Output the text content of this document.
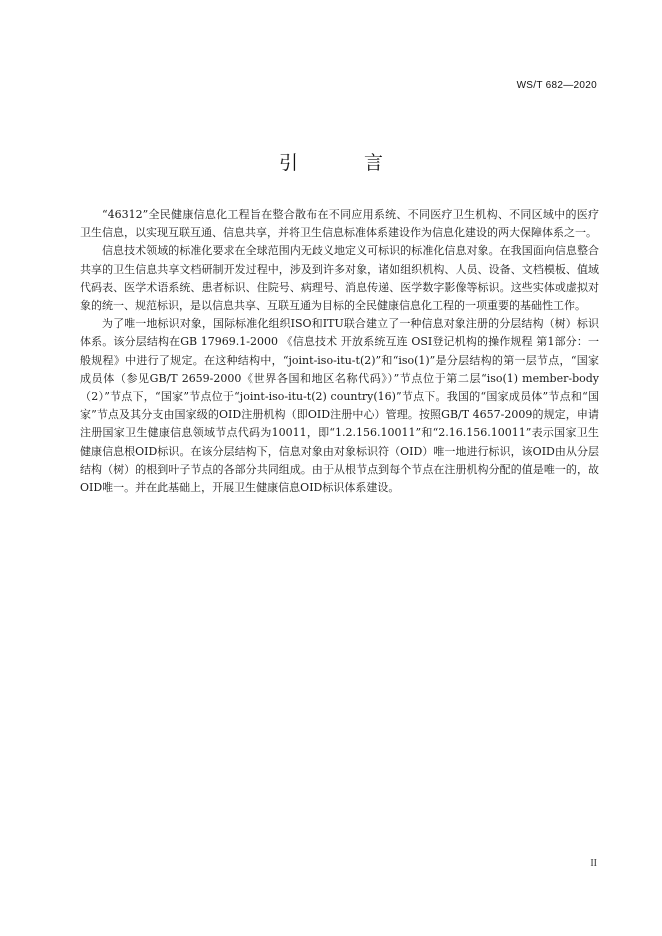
WS/T 682—2020
引 言

“46312”全民健康信息化工程旨在整合散布在不同应用系统、不同医疗卫生机构、不同区域中的医疗卫生信息，以实现互联互通、信息共享，并将卫生信息标准体系建设作为信息化建设的两大保障体系之一。

信息技术领域的标准化要求在全球范围内无歧义地定义可标识的标准化信息对象。在我国面向信息整合共享的卫生信息共享文档研制开发过程中，涉及到许多对象，诸如组织机构、人员、设备、文档模板、值域代码表、医学术语系统、患者标识、住院号、病理号、消息传递、医学数字影像等标识。这些实体或虚拟对象的统一、规范标识，是以信息共享、互联互通为目标的全民健康信息化工程的一项重要的基础性工作。

为了唯一地标识对象，国际标准化组织ISO和ITU联合建立了一种信息对象注册的分层结构（树）标识体系。该分层结构在GB 17969.1-2000 《信息技术 开放系统互连 OSI登记机构的操作规程 第1部分：一般规程》中进行了规定。在这种结构中，“joint-iso-itu-t(2)”和“iso(1)”是分层结构的第一层节点，“国家成员体（参见GB/T 2659-2000《世界各国和地区名称代码》）”节点位于第二层“iso(1) member-body（2）”节点下，“国家”节点位于“joint-iso-itu-t(2) country(16)”节点下。我国的“国家成员体”节点和“国家”节点及其分支由国家级的OID注册机构（即OID注册中心）管理。按照GB/T 4657-2009的规定，申请注册国家卫生健康信息领域节点代码为10011，即“1.2.156.10011”和“2.16.156.10011”表示国家卫生健康信息根OID标识。在该分层结构下，信息对象由对象标识符（OID）唯一地进行标识，该OID由从分层结构（树）的根到叶子节点的各部分共同组成。由于从根节点到每个节点在注册机构分配的值是唯一的，故OID唯一。并在此基础上，开展卫生健康信息OID标识体系建设。

II
